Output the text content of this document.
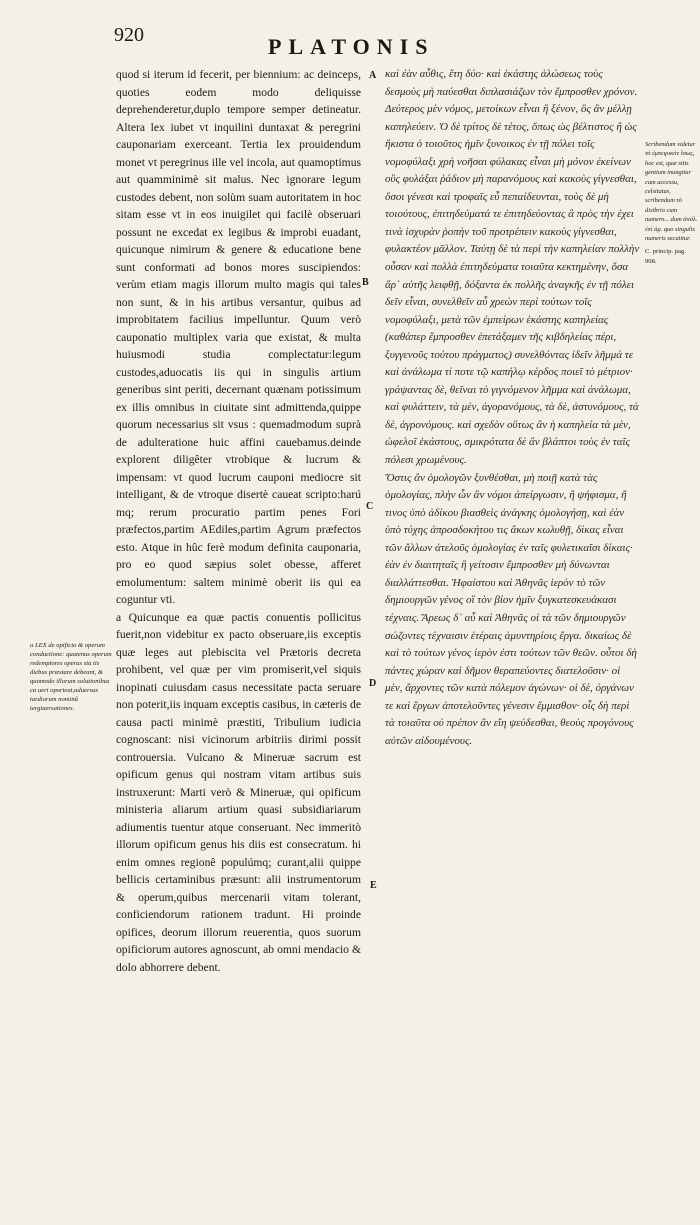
920	PLATONIS

quod si iterum id fecerit, per biennium: ac deinceps, quoties eodem modo deliquisse deprehenderetur,duplo tempore semper detineatur. Altera lex iubet vt inquilini duntaxat & peregrini cauponariam exerceant. Tertia lex prouidendum monet vt peregrinus ille vel incola, aut quamoptimus aut quamminimè sit malus. Nec ignorare legum custodes debent, non solùm suam autoritatem in hoc sitam esse vt in eos inuigilet qui facilè obseruari possunt ne excedat ex legibus & improbi euadant, quicunque nimirum & genere & educatione bene sunt conformati ad bonos mores suscipiendos: verùm etiam magis illorum multo magis qui tales non sunt, & in his artibus versantur, quibus ad improbitatem facilius impelluntur. Quum verò cauponatio multiplex varia que existat, & multa huiusmodi studia complectatur:legum custodes,aduocatis iis qui in singulis artium generibus sint periti, decernant quænam potissimum ex illis omnibus in ciuitate sint admittenda,quippe quorum necessarius sit vsus : quemadmodum suprà de adulteratione huic affini cauebamus.deinde explorent diligêter vtrobique & lucrum & impensam: vt quod lucrum cauponi mediocre sit intelligant, & de vtroque disertè caueat scripto:harú mq; rerum procuratio partim penes Fori præfectos,partim AEdiles,partim Agrum præfectos esto. Atque in hûc ferè modum definita cauponaria, pro eo quod sæpius solet obesse, afferet emolumentum: saltem minimè oberit iis qui ea coguntur vti.

a Quicunque ea quæ pactis conuentis pollicitus fuerit,non videbitur ex pacto obseruare,iis exceptis quæ leges aut plebiscita vel Prætoris decreta prohibent, vel quæ per vim promiserit,vel siquis inopinati cuiusdam casus necessitate pacta seruare non poterit,iis inquam exceptis casibus, in cæteris de causa pacti minimè præstiti, Tribulium iudicia cognoscant: nisi vicinorum arbitriis dirimi possit controuersia. Vulcano & Mineruæ sacrum est opificum genus qui nostram vitam artibus suis instruxerunt: Marti verò & Mineruæ, qui opificum ministeria aliarum artium quasi subsidiariarum adiumentis tuentur atque conseruant. Nec immeritò illorum opificum genus his diis est consecratum. hi enim omnes regionê populúmq; curant,alii quippe bellicis certaminibus præsunt: alii instrumentorum & operum,quibus mercenarii vitam tolerant, conficiendorum rationem tradunt. Hi proinde opifices, deorum illorum reuerentia, quos suorum opificiorum autores agnoscunt, ab omni mendacio & dolo abhorrere debent.

καὶ ἐὰν αὖθις, ἔτη δύο· καὶ ἑκάστης ἁλώσεως τοὺς δεσμοὺς μὴ παύεσθαι διπλασιάζων τὸν ἔμπροσθεν χρόνον. Δεύτερος μὲν νόμος, μετοίκων εἶναι ἢ ξένον, ὃς ἂν μέλλῃ καπηλεύειν. Ὁ δὲ τρίτος δὲ τέτος, ὅπως ὡς βέλτιστος ἢ ὡς ἥκιστα ὁ τοιοῦτος ἡμῖν ξυνοικος ἐν τῇ πόλει τοῖς νομοφύλαξι χρὴ νοῆσαι φύλακας εἶναι μὴ μόνον ἐκείνων οὓς φυλάξαι ῥάδιον μὴ παρανόμους καὶ κακοὺς γίγνεσθαι, ὅσοι γένεσι καὶ τροφαῖς εὖ πεπαίδευνται, τοὺς δὲ μὴ τοιούτους, ἐπιτηδεύματά τε ἐπιτηδεύοντας ἃ πρὸς τὴν ἐχει τινὰ ἰσχυρὰν ῥοπὴν τοῦ προτρέπειν κακοὺς γίγνεσθαι, φυλακτέον μᾶλλον. Ταύτῃ δὲ τὰ περὶ τὴν καπηλείαν πολλὴν οὖσαν καὶ πολλὰ ἐπιτηδεύματα τοιαῦτα κεκτημένην, ὅσα ἄρ᾽ αὐτῆς λειφθῇ, δόξαντα ἐκ πολλῆς ἀναγκῆς ἐν τῇ πόλει δεῖν εἶναι, συνελθεῖν αὖ χρεὼν περὶ τούτων τοῖς νομοφύλαξι, μετὰ τῶν ἐμπείρων ἑκάστης καπηλείας (καθάπερ ἔμπροσθεν ἐπετάξαμεν τῆς κιβδηλείας πέρι, ξυγγενοῦς τούτου πράγματος) συνελθόντας ἰδεῖν λῆμμά τε καὶ ἀνάλωμα τί ποτε τῷ καπήλῳ κέρδος ποιεῖ τὸ μέτριον· γράψαντας δὲ, θεῖναι τὸ γιγνόμενον λῆμμα καὶ ἀνάλωμα, καὶ φυλάττειν, τὰ μὲν, ἀγορανόμους, τὰ δὲ, ἀστυνόμους, τὰ δὲ, ἀγρονόμους. καὶ σχεδὸν οὕτως ἂν ἡ καπηλεία τὰ μὲν, ὠφελοῖ ἑκάστους, σμικρότατα δὲ ἂν βλάπτοι τοὺς ἐν ταῖς πόλεσι χρωμένους.

Ὅστις ἂν ὁμολογῶν ξυνθέσθαι, μὴ ποιῇ κατὰ τὰς ὁμολογίας, πλὴν ὧν ἂν νόμοι ἀπείργωσιν, ἢ ψήφισμα, ἤ τινος ὑπὸ ἀδίκου βιασθεὶς ἀνάγκης ὁμολογήσῃ, καὶ ἐὰν ὑπὸ τύχης ἀπροσδοκήτου τις ἄκων κωλυθῇ, δίκας εἶναι τῶν ἄλλων ἀτελοῦς ὁμολογίας ἐν ταῖς φυλετικαῖσι δίκαις· ἐὰν ἐν διαιτηταῖς ἢ γείτοσιν ἔμπροσθεν μὴ δύνωνται διαλλάττεσθαι. Ἡφαίστου καὶ Ἀθηνᾶς ἱερὸν τὸ τῶν δημιουργῶν γένος οἳ τὸν βίον ἡμῖν ξυγκατεσκευάκασι τέχναις. Ἄρεως δ᾽ αὖ καὶ Ἀθηνᾶς οἱ τὰ τῶν δημιουργῶν σώζοντες τέχναισιν ἑτέραις ἀμυντηρίοις ἔργα. δικαίως δὲ καὶ τὸ τούτων γένος ἱερὸν ἐστι τούτων τῶν θεῶν. οὗτοι δὴ πάντες χώραν καὶ δῆμον θεραπεύοντες διατελοῦσιν· οἱ μὲν, ἄρχοντες τῶν κατὰ πόλεμον ἀγώνων· οἱ δὲ, ὀργάνων τε καὶ ἔργων ἀποτελοῦντες γένεσιν ἔμμισθον· οἷς δὴ περὶ τὰ τοιαῦτα οὐ πρέπον ἂν εἴη ψεύδεσθαι, θεοὺς προγόνους αὐτῶν αἰδουμένους.

A
B
C
D
E
a LEX de opificio & operum conductione: quatenus operum redemptores operas sta tis diebus præstare debeant, & quomodo illorum solutionibus ca ueri oporteat,aduersus tardiorum nominû tergiuersationes.
Scribendum videtur τὸ ἐμπειρικὸν ἴσως, hoc est, quæ sitis gentium inungitur cum accessu, celsitatus, scribendum τὸ disibrio cum numero... dum ἀπόλ. ἐπὶ ἀμ. quo singulis numeris secutitur.
C. princip. pag. 908.
